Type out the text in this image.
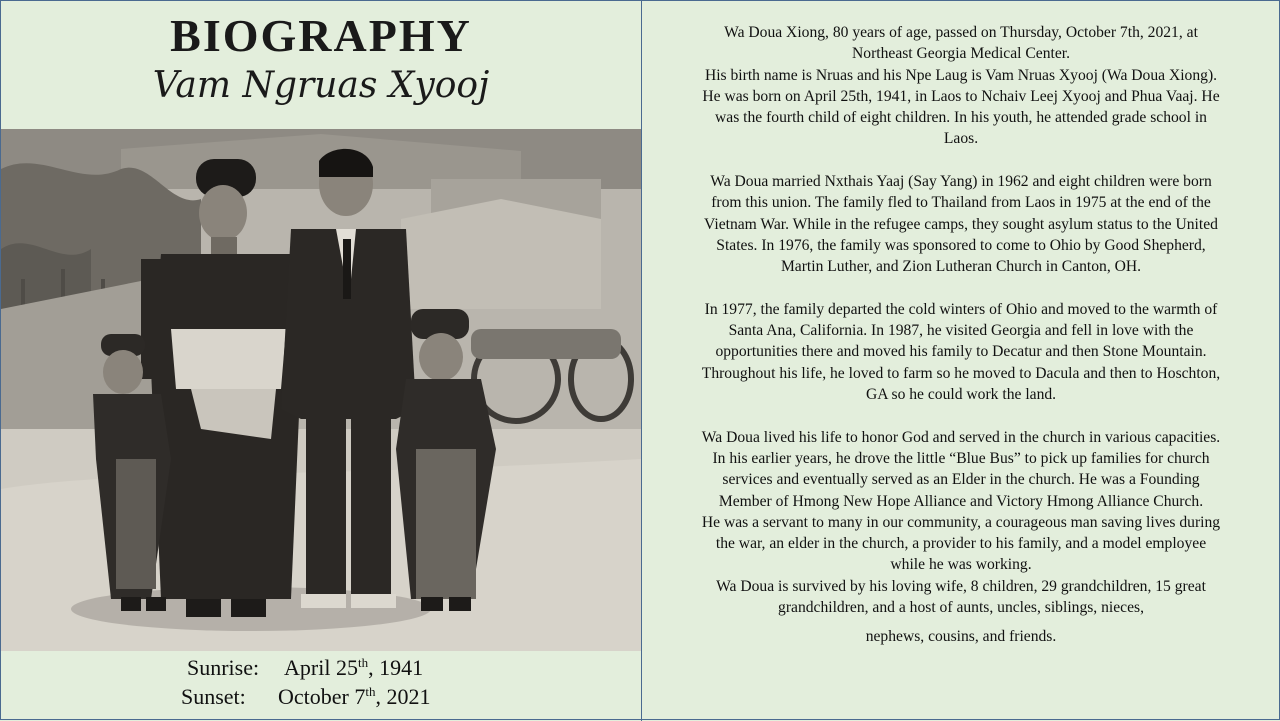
BIOGRAPHY
Vam Ngruas Xyooj
Sunrise: April 25th, 1941
Sunset: October 7th, 2021

Wa Doua Xiong, 80 years of age, passed on Thursday, October 7th, 2021, at Northeast Georgia Medical Center.

His birth name is Nruas and his Npe Laug is Vam Nruas Xyooj (Wa Doua Xiong). He was born on April 25th, 1941, in Laos to Nchaiv Leej Xyooj and Phua Vaaj. He was the fourth child of eight children. In his youth, he attended grade school in Laos.

Wa Doua married Nxthais Yaaj (Say Yang) in 1962 and eight children were born from this union. The family fled to Thailand from Laos in 1975 at the end of the Vietnam War. While in the refugee camps, they sought asylum status to the United States. In 1976, the family was sponsored to come to Ohio by Good Shepherd, Martin Luther, and Zion Lutheran Church in Canton, OH.

In 1977, the family departed the cold winters of Ohio and moved to the warmth of Santa Ana, California. In 1987, he visited Georgia and fell in love with the opportunities there and moved his family to Decatur and then Stone Mountain. Throughout his life, he loved to farm so he moved to Dacula and then to Hoschton, GA so he could work the land.

Wa Doua lived his life to honor God and served in the church in various capacities. In his earlier years, he drove the little “Blue Bus” to pick up families for church services and eventually served as an Elder in the church. He was a Founding Member of Hmong New Hope Alliance and Victory Hmong Alliance Church.

He was a servant to many in our community, a courageous man saving lives during the war, an elder in the church, a provider to his family, and a model employee while he was working.

Wa Doua is survived by his loving wife, 8 children, 29 grandchildren, 15 great grandchildren, and a host of aunts, uncles, siblings, nieces,

nephews, cousins, and friends.
